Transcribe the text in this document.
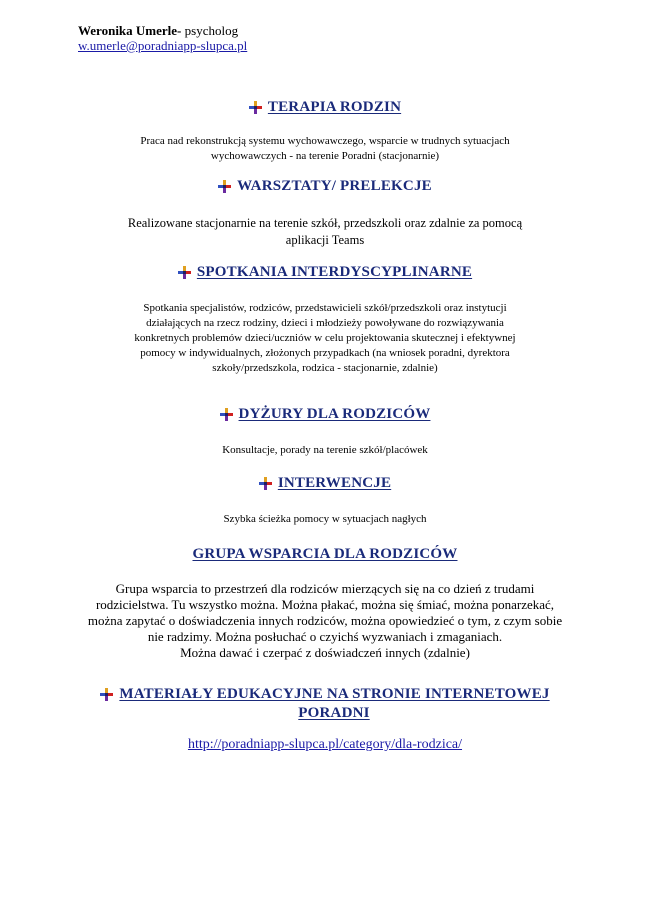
Weronika Umerle- psycholog
w.umerle@poradniapp-slupca.pl
TERAPIA RODZIN
Praca nad rekonstrukcją systemu wychowawczego, wsparcie w trudnych sytuacjach
wychowawczych - na terenie Poradni (stacjonarnie)
WARSZTATY/ PRELEKCJE
Realizowane stacjonarnie na terenie szkół, przedszkoli oraz zdalnie za pomocą
aplikacji Teams
SPOTKANIA INTERDYSCYPLINARNE
Spotkania specjalistów, rodziców, przedstawicieli szkół/przedszkoli oraz instytucji
działających na rzecz rodziny, dzieci i młodzieży powoływane do rozwiązywania
konkretnych problemów dzieci/uczniów w celu projektowania skutecznej i efektywnej
pomocy w indywidualnych, złożonych przypadkach (na wniosek poradni, dyrektora
szkoły/przedszkola, rodzica - stacjonarnie, zdalnie)
DYŻURY DLA RODZICÓW
Konsultacje, porady na terenie szkół/placówek
INTERWENCJE
Szybka ścieżka pomocy w sytuacjach nagłych
GRUPA WSPARCIA DLA RODZICÓW
Grupa wsparcia to przestrzeń dla rodziców mierzących się na co dzień z trudami
rodzicielstwa. Tu wszystko można. Można płakać, można się śmiać, można ponarzekać,
można zapytać o doświadczenia innych rodziców, można opowiedzieć o tym, z czym sobie
nie radzimy. Można posłuchać o czyichś wyzwaniach i zmaganiach.
Można dawać i czerpać z doświadczeń innych (zdalnie)
MATERIAŁY EDUKACYJNE NA STRONIE INTERNETOWEJ
PORADNI
http://poradniapp-slupca.pl/category/dla-rodzica/
